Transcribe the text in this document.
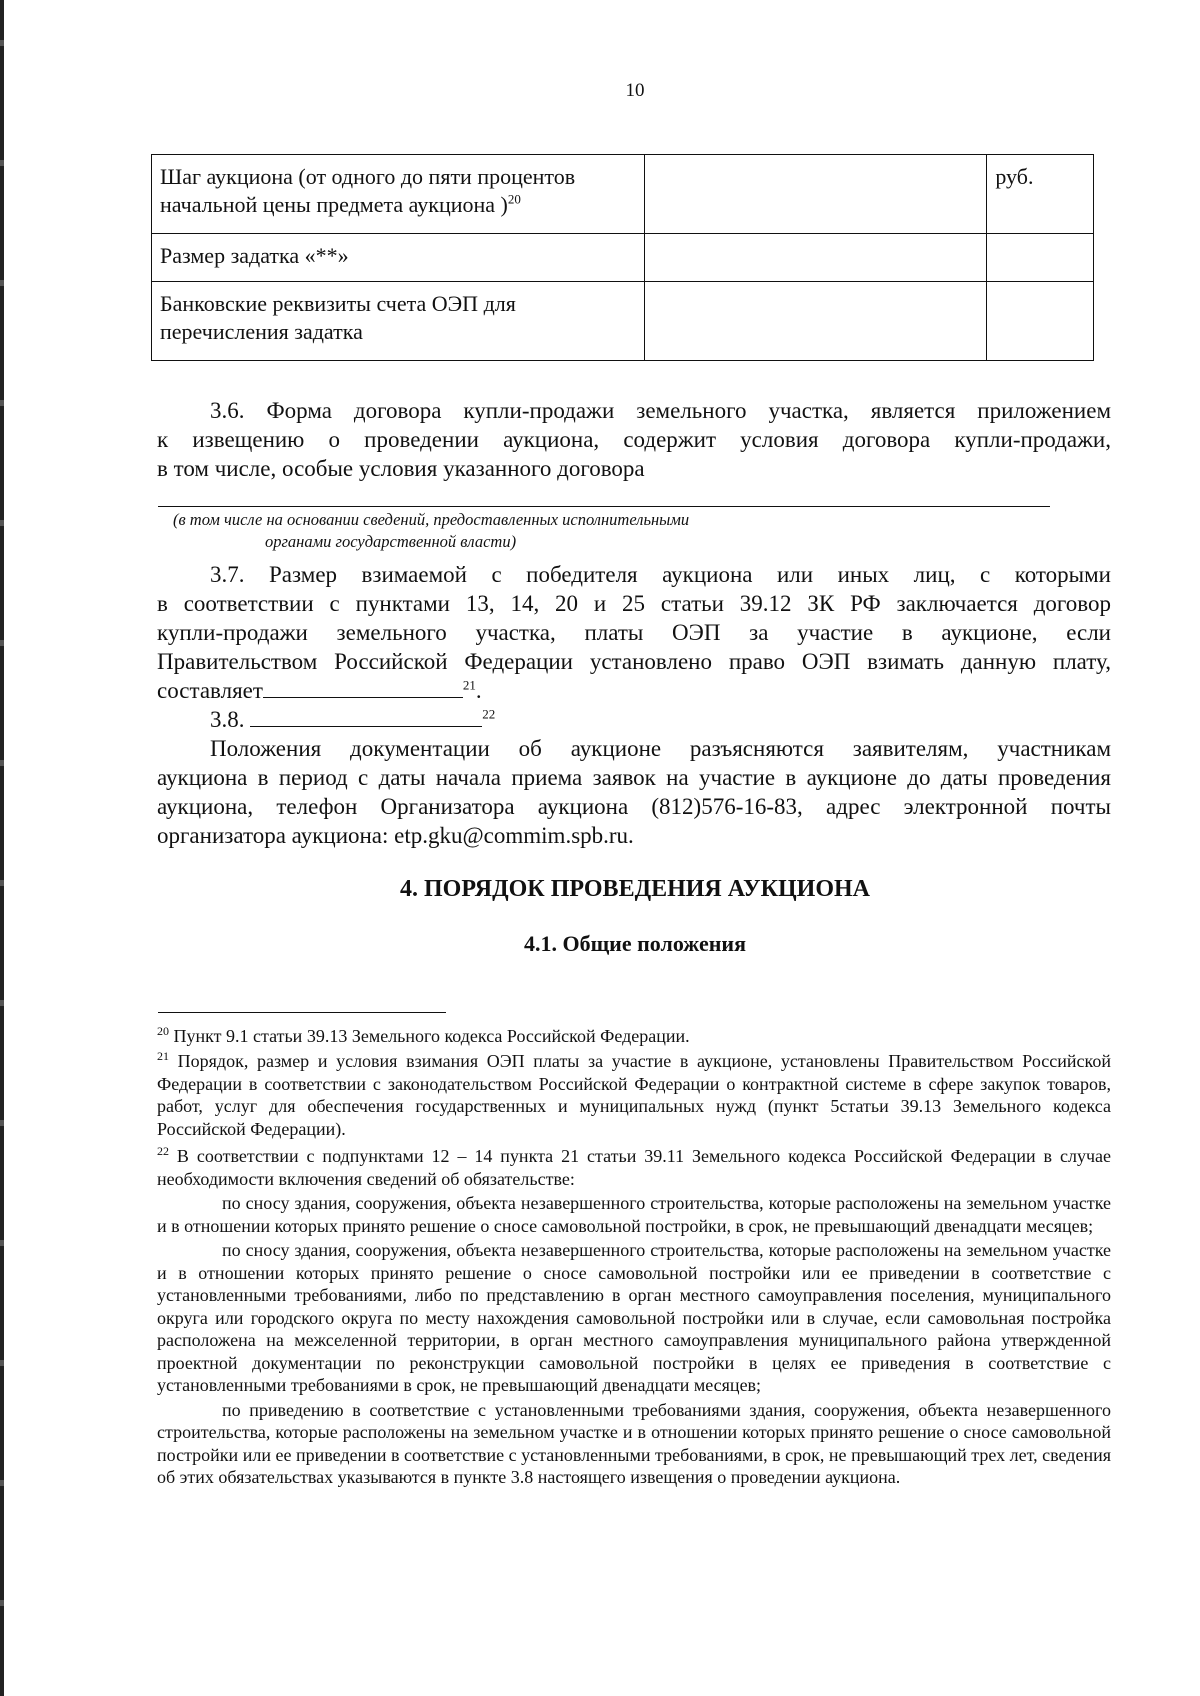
10
Шаг аукциона (от одного до пяти процентов
начальной цены предмета аукциона )$^{20}$		руб.
Размер задатка «**»		
Банковские реквизиты счета ОЭП для
перечисления задатка		
3.6. Форма договора купли-продажи земельного участка, является приложением
к извещению о проведении аукциона, содержит условия договора купли-продажи,
в том числе, особые условия указанного договора
(в том числе на основании сведений, предоставленных исполнительными
органами государственной власти)
3.7. Размер взимаемой с победителя аукциона или иных лиц, с которыми
в соответствии с пунктами 13, 14, 20 и 25 статьи 39.12 ЗК РФ заключается договор
купли-продажи земельного участка, платы ОЭП за участие в аукционе, если
Правительством Российской Федерации установлено право ОЭП взимать данную плату,
составляет	$^{21}$.
3.8.	$^{22}$
Положения документации об аукционе разъясняются заявителям, участникам
аукциона в период с даты начала приема заявок на участие в аукционе до даты проведения
аукциона, телефон Организатора аукциона (812)576-16-83, адрес электронной почты
организатора аукциона: etp.gku@commim.spb.ru.
4. ПОРЯДОК ПРОВЕДЕНИЯ АУКЦИОНА
4.1. Общие положения
$^{20}$ Пункт 9.1 статьи 39.13 Земельного кодекса Российской Федерации.
$^{21}$ Порядок, размер и условия взимания ОЭП платы за участие в аукционе, установлены Правительством Российской Федерации в соответствии с законодательством Российской Федерации о контрактной системе в сфере закупок товаров, работ, услуг для обеспечения государственных и муниципальных нужд (пункт 5статьи 39.13 Земельного кодекса Российской Федерации).
$^{22}$ В соответствии с подпунктами 12 – 14 пункта 21 статьи 39.11 Земельного кодекса Российской Федерации в случае необходимости включения сведений об обязательстве:
по сносу здания, сооружения, объекта незавершенного строительства, которые расположены на земельном участке и в отношении которых принято решение о сносе самовольной постройки, в срок, не превышающий двенадцати месяцев;
по сносу здания, сооружения, объекта незавершенного строительства, которые расположены на земельном участке и в отношении которых принято решение о сносе самовольной постройки или ее приведении в соответствие с установленными требованиями, либо по представлению в орган местного самоуправления поселения, муниципального округа или городского округа по месту нахождения самовольной постройки или в случае, если самовольная постройка расположена на межселенной территории, в орган местного самоуправления муниципального района утвержденной проектной документации по реконструкции самовольной постройки в целях ее приведения в соответствие с установленными требованиями в срок, не превышающий двенадцати месяцев;
по приведению в соответствие с установленными требованиями здания, сооружения, объекта незавершенного строительства, которые расположены на земельном участке и в отношении которых принято решение о сносе самовольной постройки или ее приведении в соответствие с установленными требованиями, в срок, не превышающий трех лет, сведения об этих обязательствах указываются в пункте 3.8 настоящего извещения о проведении аукциона.
